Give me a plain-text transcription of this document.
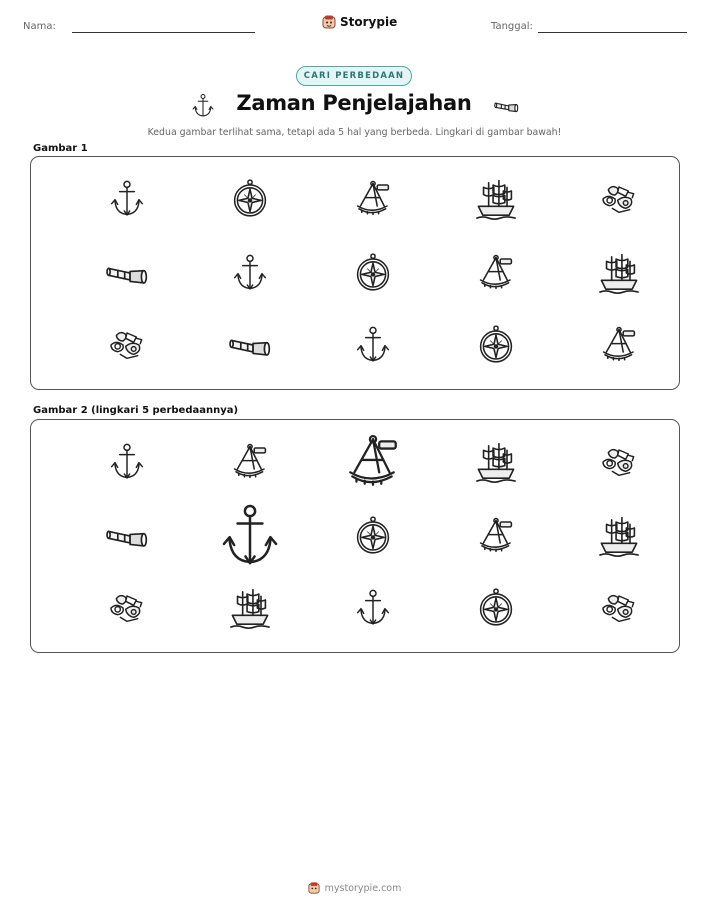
Nama:	Storypie	Tanggal:
CARI PERBEDAAN
Zaman Penjelajahan
Kedua gambar terlihat sama, tetapi ada 5 hal yang berbeda. Lingkari di gambar bawah!
Gambar 1
Gambar 2 (lingkari 5 perbedaannya)
mystorypie.com
